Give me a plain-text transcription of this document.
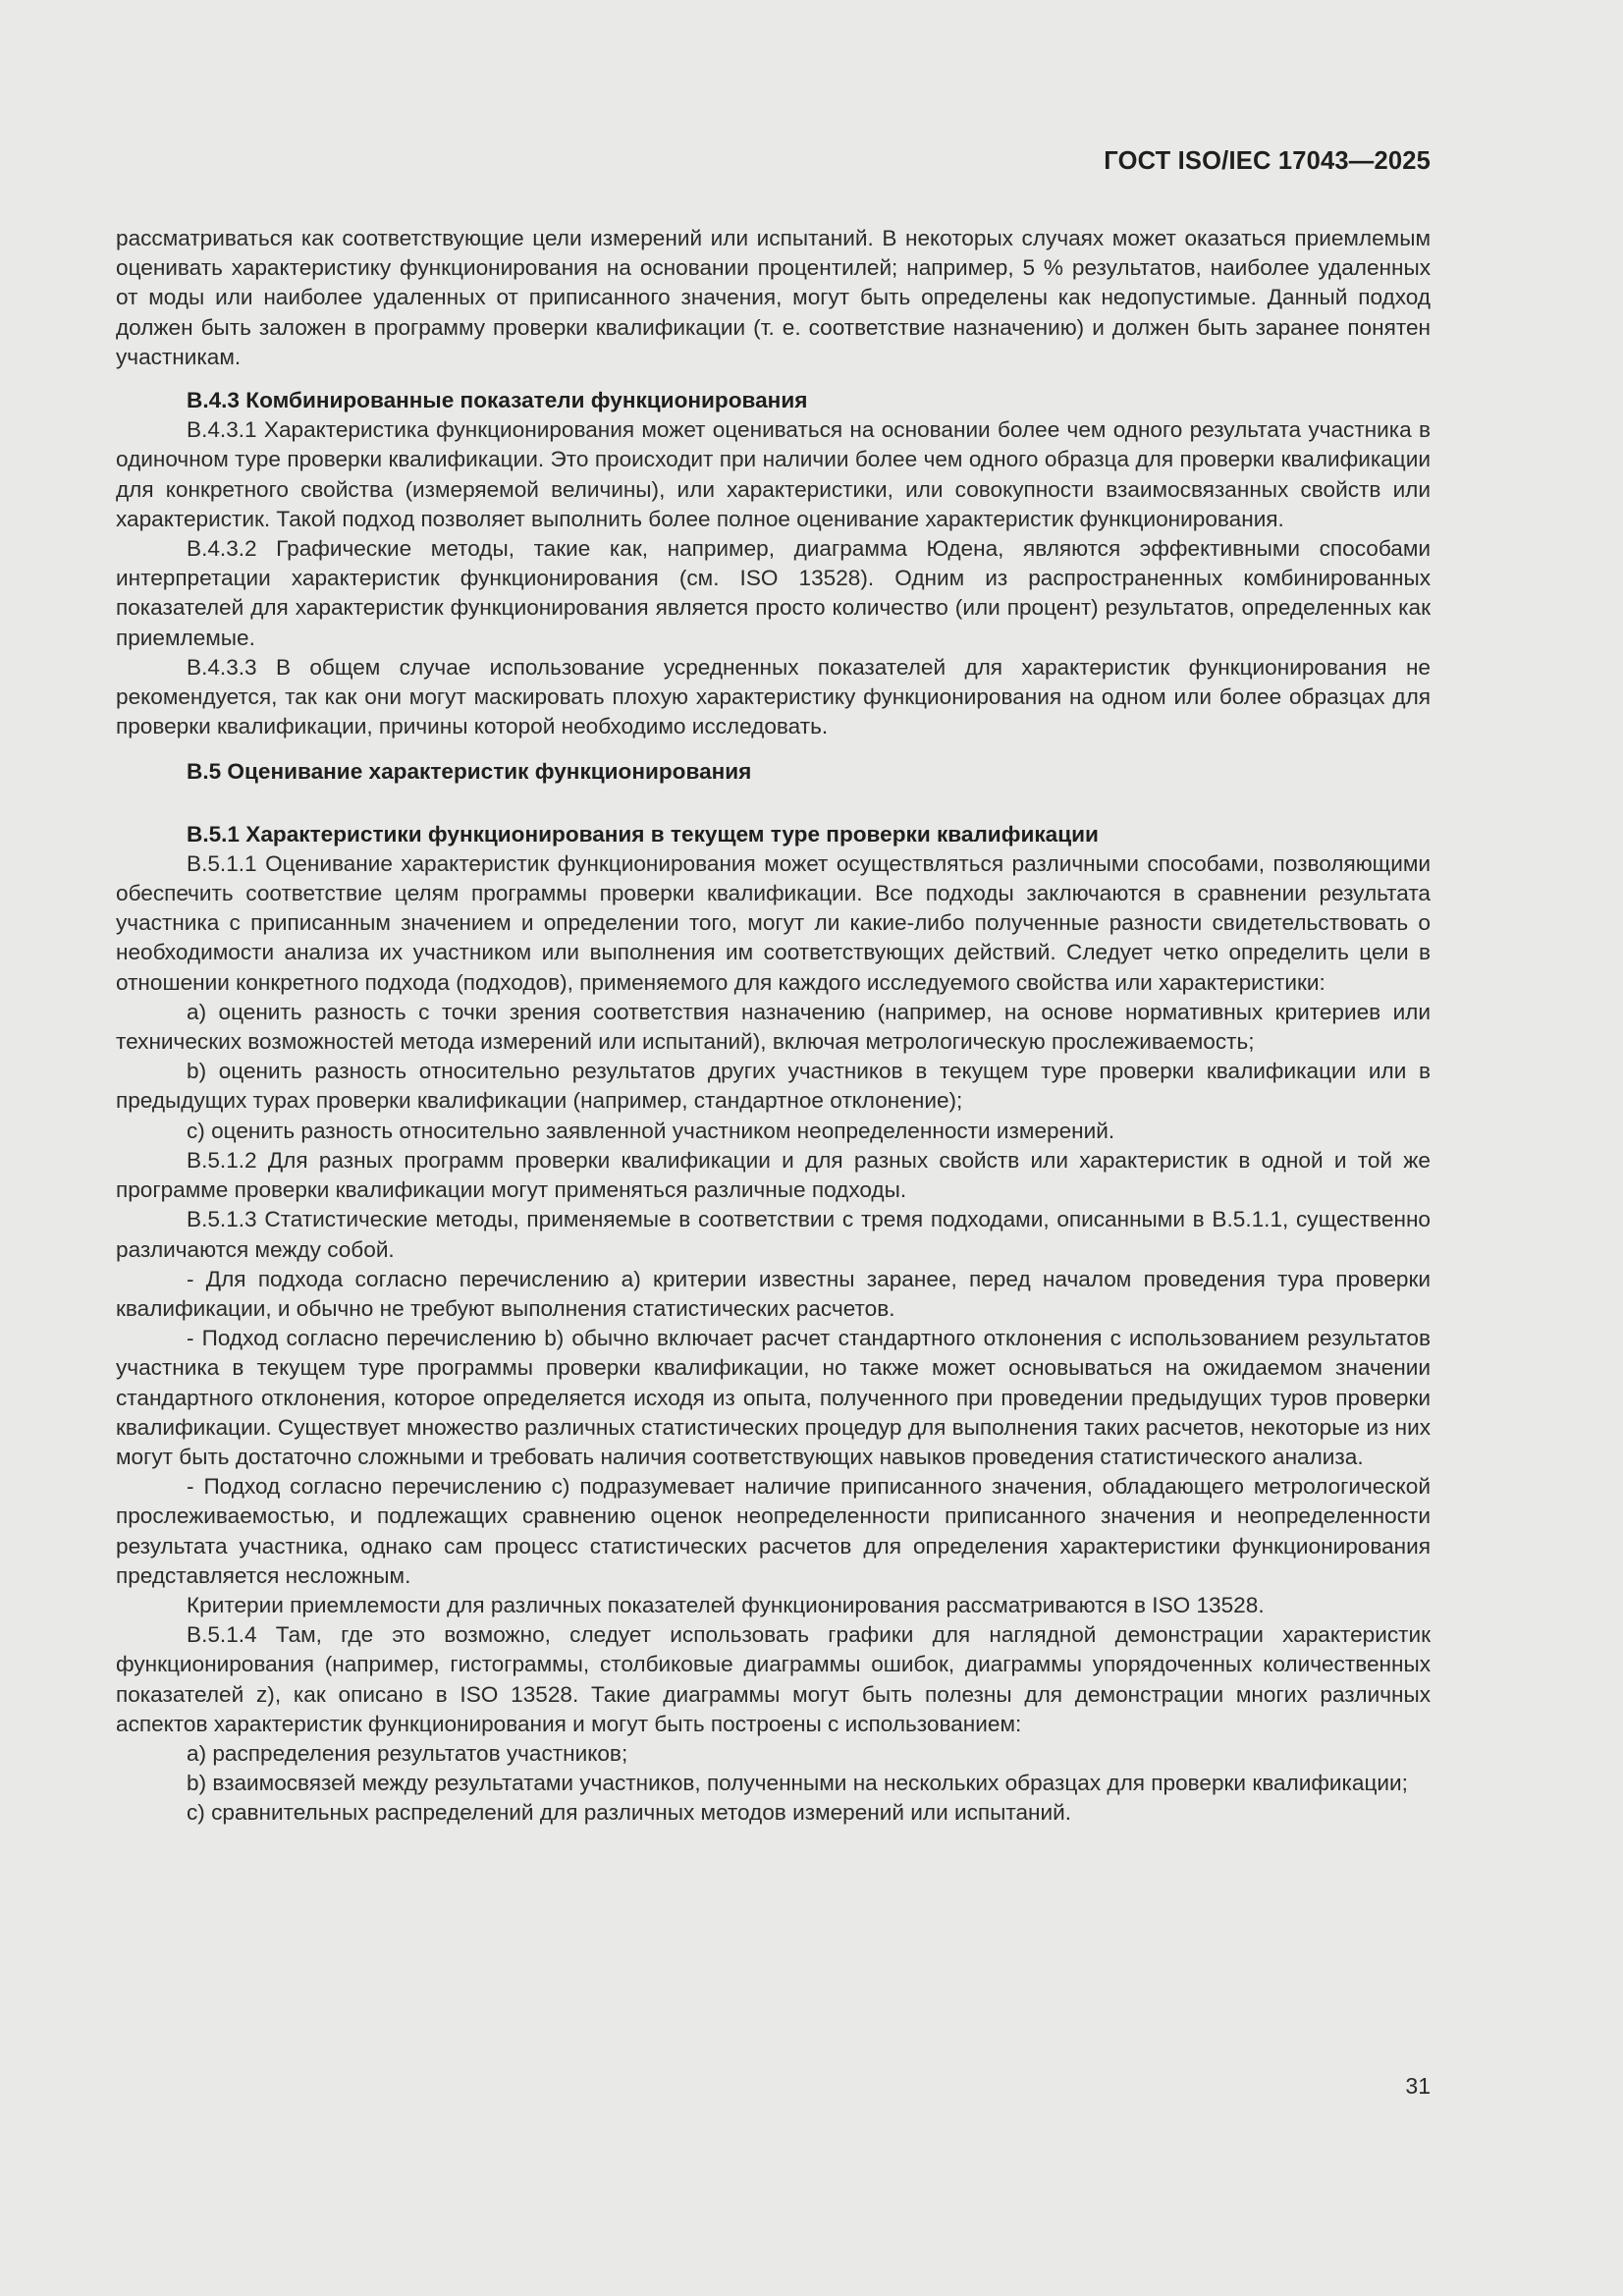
ГОСТ ISO/IEC 17043—2025

рассматриваться как соответствующие цели измерений или испытаний. В некоторых случаях может оказаться приемлемым оценивать характеристику функционирования на основании процентилей; например, 5 % результатов, наиболее удаленных от моды или наиболее удаленных от приписанного значения, могут быть определены как недопустимые. Данный подход должен быть заложен в программу проверки квалификации (т. е. соответствие назначению) и должен быть заранее понятен участникам.

В.4.3 Комбинированные показатели функционирования

В.4.3.1 Характеристика функционирования может оцениваться на основании более чем одного результата участника в одиночном туре проверки квалификации. Это происходит при наличии более чем одного образца для проверки квалификации для конкретного свойства (измеряемой величины), или характеристики, или совокупности взаимосвязанных свойств или характеристик. Такой подход позволяет выполнить более полное оценивание характеристик функционирования.

В.4.3.2 Графические методы, такие как, например, диаграмма Юдена, являются эффективными способами интерпретации характеристик функционирования (см. ISO 13528). Одним из распространенных комбинированных показателей для характеристик функционирования является просто количество (или процент) результатов, определенных как приемлемые.

В.4.3.3 В общем случае использование усредненных показателей для характеристик функционирования не рекомендуется, так как они могут маскировать плохую характеристику функционирования на одном или более образцах для проверки квалификации, причины которой необходимо исследовать.

В.5 Оценивание характеристик функционирования

В.5.1 Характеристики функционирования в текущем туре проверки квалификации

В.5.1.1 Оценивание характеристик функционирования может осуществляться различными способами, позволяющими обеспечить соответствие целям программы проверки квалификации. Все подходы заключаются в сравнении результата участника с приписанным значением и определении того, могут ли какие-либо полученные разности свидетельствовать о необходимости анализа их участником или выполнения им соответствующих действий. Следует четко определить цели в отношении конкретного подхода (подходов), применяемого для каждого исследуемого свойства или характеристики:

a) оценить разность с точки зрения соответствия назначению (например, на основе нормативных критериев или технических возможностей метода измерений или испытаний), включая метрологическую прослеживаемость;

b) оценить разность относительно результатов других участников в текущем туре проверки квалификации или в предыдущих турах проверки квалификации (например, стандартное отклонение);

c) оценить разность относительно заявленной участником неопределенности измерений.

В.5.1.2 Для разных программ проверки квалификации и для разных свойств или характеристик в одной и той же программе проверки квалификации могут применяться различные подходы.

В.5.1.3 Статистические методы, применяемые в соответствии с тремя подходами, описанными в В.5.1.1, существенно различаются между собой.

- Для подхода согласно перечислению а) критерии известны заранее, перед началом проведения тура проверки квалификации, и обычно не требуют выполнения статистических расчетов.

- Подход согласно перечислению b) обычно включает расчет стандартного отклонения с использованием результатов участника в текущем туре программы проверки квалификации, но также может основываться на ожидаемом значении стандартного отклонения, которое определяется исходя из опыта, полученного при проведении предыдущих туров проверки квалификации. Существует множество различных статистических процедур для выполнения таких расчетов, некоторые из них могут быть достаточно сложными и требовать наличия соответствующих навыков проведения статистического анализа.

- Подход согласно перечислению c) подразумевает наличие приписанного значения, обладающего метрологической прослеживаемостью, и подлежащих сравнению оценок неопределенности приписанного значения и неопределенности результата участника, однако сам процесс статистических расчетов для определения характеристики функционирования представляется несложным.

Критерии приемлемости для различных показателей функционирования рассматриваются в ISO 13528.

В.5.1.4 Там, где это возможно, следует использовать графики для наглядной демонстрации характеристик функционирования (например, гистограммы, столбиковые диаграммы ошибок, диаграммы упорядоченных количественных показателей z), как описано в ISO 13528. Такие диаграммы могут быть полезны для демонстрации многих различных аспектов характеристик функционирования и могут быть построены с использованием:

a) распределения результатов участников;

b) взаимосвязей между результатами участников, полученными на нескольких образцах для проверки квалификации;

c) сравнительных распределений для различных методов измерений или испытаний.

31
